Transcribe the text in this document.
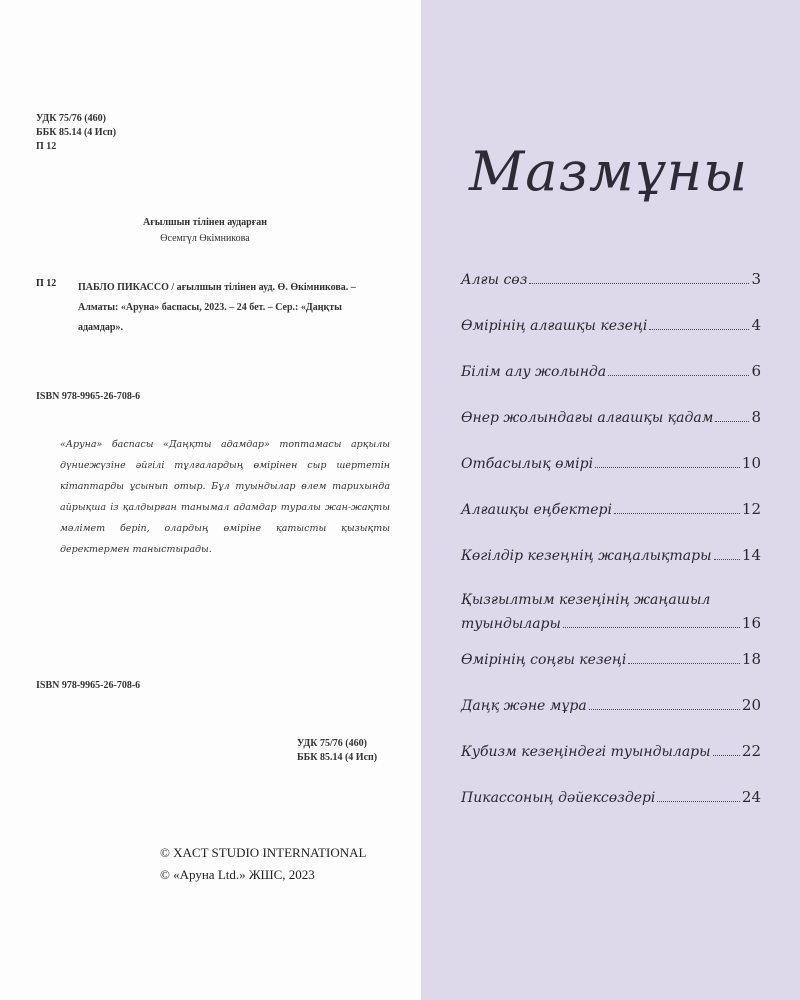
УДК 75/76 (460)
ББК 85.14 (4 Исп)
П 12
Ағылшын тілінен аударған
Өсемгүл Өкімникова
П 12 ПАБЛО ПИКАССО / ағылшын тілінен ауд. Ө. Өкімникова. – Алматы: «Аруна» баспасы, 2023. – 24 бет. – Сер.: «Даңқты адамдар».
ISBN 978-9965-26-708-6
«Аруна» баспасы «Даңқты адамдар» топтамасы арқылы дүниежүзіне әйгілі тұлғалардың өмірінен сыр шертетін кітаптарды ұсынып отыр. Бұл туындылар өлем тарихында айрықша із қалдырған танымал адамдар туралы жан-жақты мәлімет беріп, олардың өміріне қатысты қызықты деректермен таныстырады.
ISBN 978-9965-26-708-6
УДК 75/76 (460)
ББК 85.14 (4 Исп)
© XACT STUDIO INTERNATIONAL
© «Аруна Ltd.» ЖШС, 2023
Мазмұны
Алғы сөз	3
Өмірінің алғашқы кезеңі	4
Білім алу жолында	6
Өнер жолындағы алғашқы қадам	8
Отбасылық өмірі	10
Алғашқы еңбектері	12
Көгілдір кезеңнің жаңалықтары 14
Қызғылтым кезеңінің жаңашыл
туындылары	16
Өмірінің соңғы кезеңі	18
Даңқ және мұра	20
Кубизм кезеңіндегі туындылары 22
Пикассоның дәйексөздері	24
